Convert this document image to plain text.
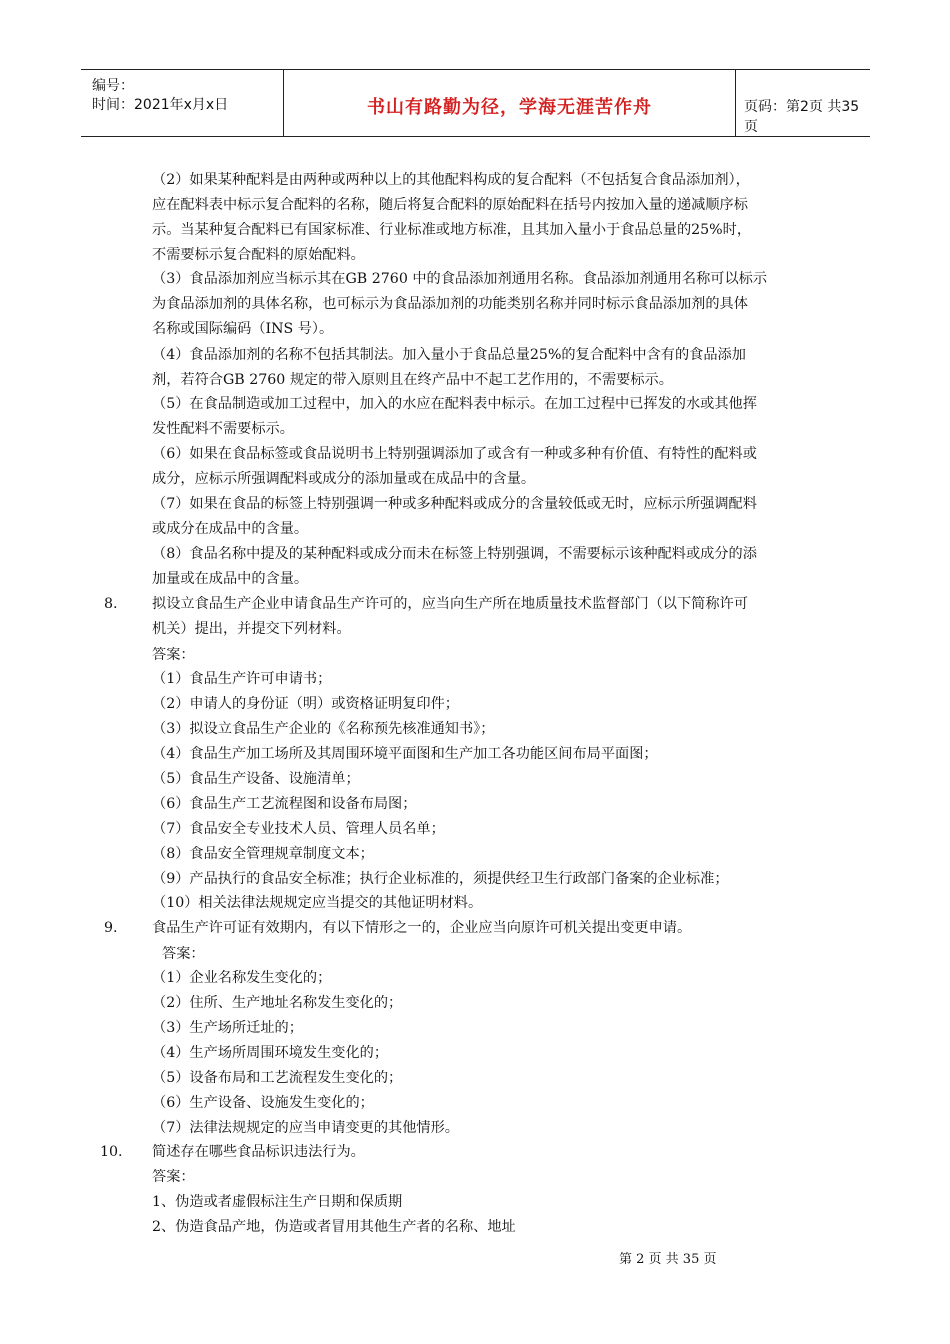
编号：
时间：2021年x月x日	书山有路勤为径，学海无涯苦作舟	页码：第2页 共35页
（2）如果某种配料是由两种或两种以上的其他配料构成的复合配料（不包括复合食品添加剂），
应在配料表中标示复合配料的名称，随后将复合配料的原始配料在括号内按加入量的递减顺序标
示。当某种复合配料已有国家标准、行业标准或地方标准，且其加入量小于食品总量的25%时，
不需要标示复合配料的原始配料。
（3）食品添加剂应当标示其在GB 2760 中的食品添加剂通用名称。食品添加剂通用名称可以标示
为食品添加剂的具体名称，也可标示为食品添加剂的功能类别名称并同时标示食品添加剂的具体
名称或国际编码（INS 号）。
（4）食品添加剂的名称不包括其制法。加入量小于食品总量25%的复合配料中含有的食品添加
剂，若符合GB 2760 规定的带入原则且在终产品中不起工艺作用的，不需要标示。
（5）在食品制造或加工过程中，加入的水应在配料表中标示。在加工过程中已挥发的水或其他挥
发性配料不需要标示。
（6）如果在食品标签或食品说明书上特别强调添加了或含有一种或多种有价值、有特性的配料或
成分，应标示所强调配料或成分的添加量或在成品中的含量。
（7）如果在食品的标签上特别强调一种或多种配料或成分的含量较低或无时，应标示所强调配料
或成分在成品中的含量。
（8）食品名称中提及的某种配料或成分而未在标签上特别强调，不需要标示该种配料或成分的添
加量或在成品中的含量。
8. 拟设立食品生产企业申请食品生产许可的，应当向生产所在地质量技术监督部门（以下简称许可
机关）提出，并提交下列材料。
答案：
（1）食品生产许可申请书；
（2）申请人的身份证（明）或资格证明复印件；
（3）拟设立食品生产企业的《名称预先核准通知书》；
（4）食品生产加工场所及其周围环境平面图和生产加工各功能区间布局平面图；
（5）食品生产设备、设施清单；
（6）食品生产工艺流程图和设备布局图；
（7）食品安全专业技术人员、管理人员名单；
（8）食品安全管理规章制度文本；
（9）产品执行的食品安全标准；执行企业标准的，须提供经卫生行政部门备案的企业标准；
（10）相关法律法规规定应当提交的其他证明材料。
9. 食品生产许可证有效期内，有以下情形之一的，企业应当向原许可机关提出变更申请。
答案：
（1）企业名称发生变化的；
（2）住所、生产地址名称发生变化的；
（3）生产场所迁址的；
（4）生产场所周围环境发生变化的；
（5）设备布局和工艺流程发生变化的；
（6）生产设备、设施发生变化的；
（7）法律法规规定的应当申请变更的其他情形。
10. 简述存在哪些食品标识违法行为。
答案：
1、伪造或者虚假标注生产日期和保质期
2、伪造食品产地，伪造或者冒用其他生产者的名称、地址
第 2 页 共 35 页
